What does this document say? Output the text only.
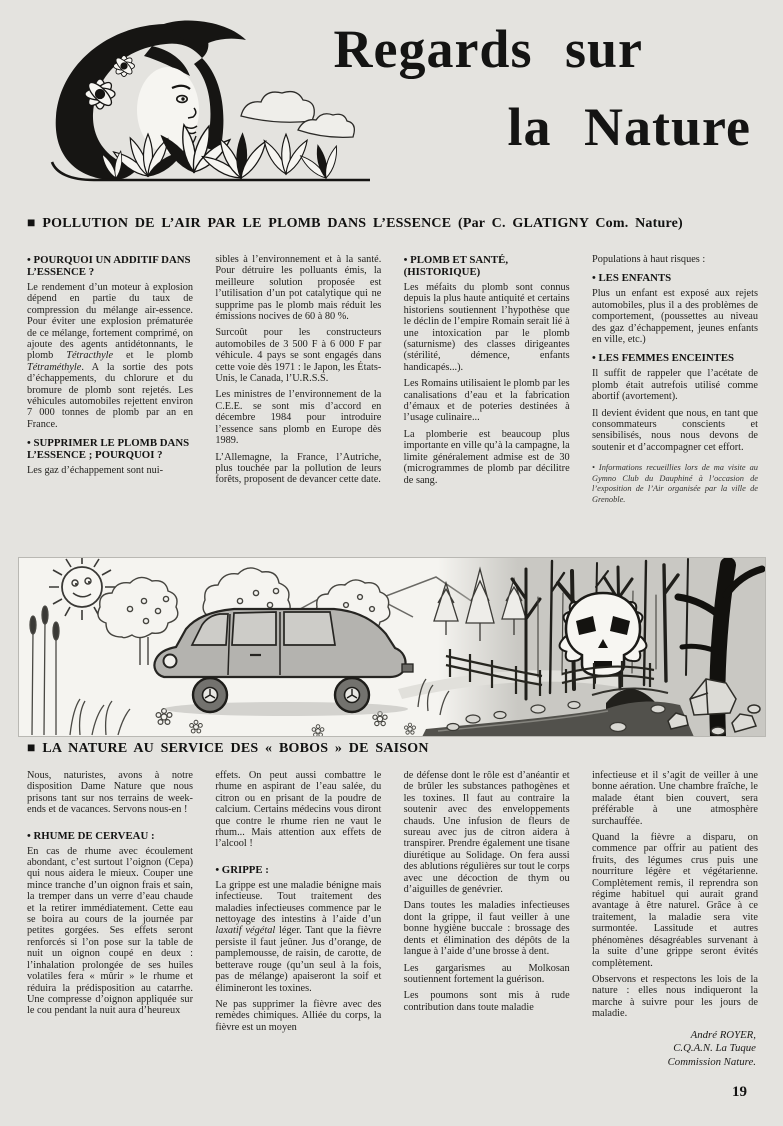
Regards sur
la Nature
■ POLLUTION DE L’AIR PAR LE PLOMB DANS L’ESSENCE (Par C. GLATIGNY Com. Nature)
• POURQUOI UN ADDITIF DANS L’ESSENCE ?

Le rendement d’un moteur à explosion dépend en partie du taux de compression du mélange air-essence. Pour éviter une explosion prématurée de ce mélange, fortement comprimé, on ajoute des agents antidétonnants, le plomb Tétracthyle et le plomb Tétraméthyle. A la sortie des pots d’échappements, du chlorure et du bromure de plomb sont rejetés. Les véhicules automobiles rejettent environ 7 000 tonnes de plomb par an en France.

• SUPPRIMER LE PLOMB DANS L’ESSENCE ; POURQUOI ?

Les gaz d’échappement sont nui-

sibles à l’environnement et à la santé. Pour détruire les polluants émis, la meilleure solution proposée est l’utilisation d’un pot catalytique qui ne supprime pas le plomb mais réduit les émissions nocives de 60 à 80 %.

Surcoût pour les constructeurs automobiles de 3 500 F à 6 000 F par véhicule. 4 pays se sont engagés dans cette voie dès 1971 : le Japon, les États-Unis, le Canada, l’U.R.S.S.

Les ministres de l’environnement de la C.E.E. se sont mis d’accord en décembre 1984 pour introduire l’essence sans plomb en Europe dès 1989.

L’Allemagne, la France, l’Autriche, plus touchée par la pollution de leurs forêts, proposent de devancer cette date.

• PLOMB ET SANTÉ, (HISTORIQUE)

Les méfaits du plomb sont connus depuis la plus haute antiquité et certains historiens soutiennent l’hypothèse que le déclin de l’empire Romain serait lié à une intoxication par le plomb (saturnisme) des classes dirigeantes (stérilité, démence, enfants handicapés...).

Les Romains utilisaient le plomb par les canalisations d’eau et la fabrication d’émaux et de poteries destinées à l’usage culinaire...

La plomberie est beaucoup plus importante en ville qu’à la campagne, la limite généralement admise est de 30 (microgrammes de plomb par décilitre de sang.

Populations à haut risques :

• LES ENFANTS

Plus un enfant est exposé aux rejets automobiles, plus il a des problèmes de comportement, (poussettes au niveau des gaz d’échappement, jeunes enfants en ville, etc.)

• LES FEMMES ENCEINTES

Il suffit de rappeler que l’acétate de plomb était autrefois utilisé comme abortif (avortement).

Il devient évident que nous, en tant que consommateurs conscients et sensibilisés, nous nous devons de soutenir et d’accompagner cet effort.

• Informations recueillies lors de ma visite au Gymno Club du Dauphiné à l’occasion de l’exposition de l’Air organisée par la ville de Grenoble.

■ LA NATURE AU SERVICE DES « BOBOS » DE SAISON

Nous, naturistes, avons à notre disposition Dame Nature que nous prisons tant sur nos terrains de week-ends et de vacances. Servons nous-en !

• RHUME DE CERVEAU :

En cas de rhume avec écoulement abondant, c’est surtout l’oignon (Cepa) qui nous aidera le mieux. Couper une mince tranche d’un oignon frais et sain, la tremper dans un verre d’eau chaude et la retirer immédiatement. Cette eau se boira au cours de la journée par petites gorgées. Ses effets seront renforcés si l’on pose sur la table de nuit un oignon coupé en deux : l’inhalation prolongée de ses huiles volatiles fera « mûrir » le rhume et réduira la prédisposition au catarrhe. Une compresse d’oignon appliquée sur le cou pendant la nuit aura d’heureux

effets. On peut aussi combattre le rhume en aspirant de l’eau salée, du citron ou en prisant de la poudre de calcium. Certains médecins vous diront que contre le rhume rien ne vaut le rhum... Mais attention aux effets de l’alcool !

• GRIPPE :

La grippe est une maladie bénigne mais infectieuse. Tout traitement des maladies infectieuses commence par le nettoyage des intestins à l’aide d’un laxatif végétal léger. Tant que la fièvre persiste il faut jeûner. Jus d’orange, de pamplemousse, de raisin, de carotte, de betterave rouge (qu’un seul à la fois, pas de mélange) apaiseront la soif et élimineront les toxines.

Ne pas supprimer la fièvre avec des remèdes chimiques. Alliée du corps, la fièvre est un moyen

de défense dont le rôle est d’anéantir et de brûler les substances pathogènes et les toxines. Il faut au contraire la soutenir avec des enveloppements chauds. Une infusion de fleurs de sureau avec jus de citron aidera à transpirer. Prendre également une tisane diurétique au Solidage. On fera aussi des ablutions régulières sur tout le corps avec une décoction de thym ou d’aiguilles de genévrier.

Dans toutes les maladies infectieuses dont la grippe, il faut veiller à une bonne hygiène buccale : brossage des dents et élimination des dépôts de la langue à l’aide d’une brosse à dent.

Les gargarismes au Molkosan soutiennent fortement la guérison.

Les poumons sont mis à rude contribution dans toute maladie

infectieuse et il s’agit de veiller à une bonne aération. Une chambre fraîche, le malade étant bien couvert, sera préférable à une atmosphère surchauffée.

Quand la fièvre a disparu, on commence par offrir au patient des fruits, des légumes crus puis une nourriture légère et végétarienne. Complètement remis, il reprendra son régime habituel qui aurait grand avantage à être naturel. Grâce à ce traitement, la maladie sera vite surmontée. Lassitude et autres phénomènes désagréables survenant à la suite d’une grippe seront évités complètement.

Observons et respectons les lois de la nature : elles nous indiqueront la marche à suivre pour les jours de maladie.

André ROYER,
C.Q.A.N. La Tuque
Commission Nature.
19
